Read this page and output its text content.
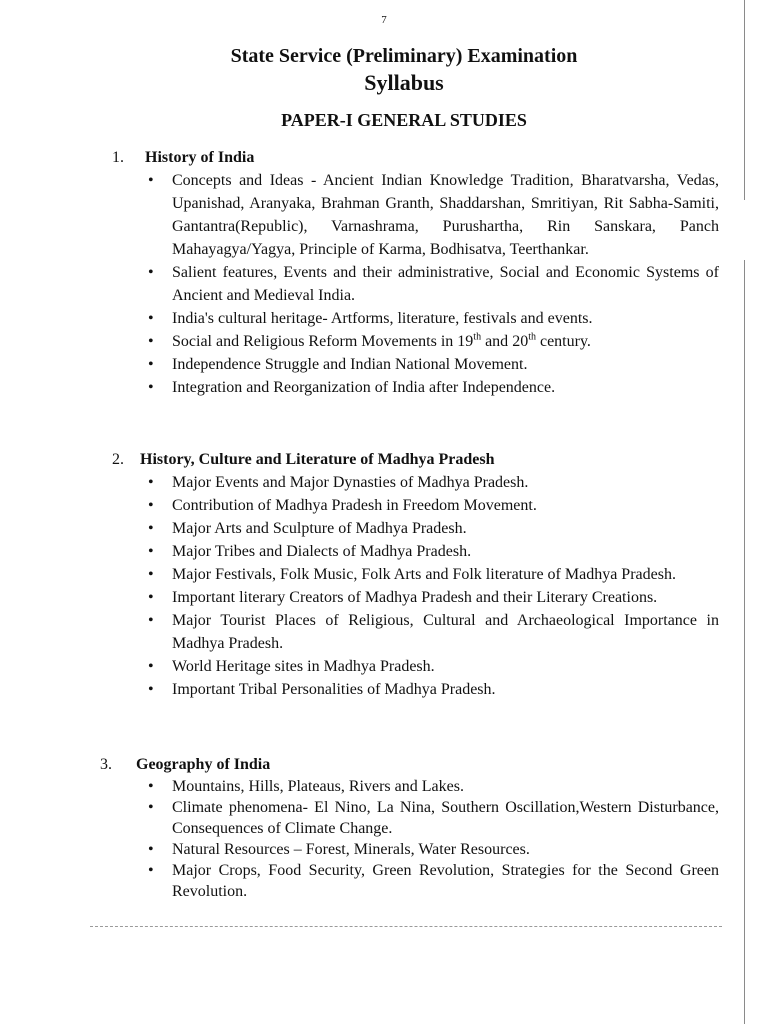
7
State Service (Preliminary) Examination
Syllabus
PAPER-I GENERAL STUDIES
1. History of India
• Concepts and Ideas - Ancient Indian Knowledge Tradition, Bharatvarsha, Vedas, Upanishad, Aranyaka, Brahman Granth, Shaddarshan, Smritiyan, Rit Sabha-Samiti, Gantantra(Republic), Varnashrama, Purushartha, Rin Sanskara, Panch Mahayagya/Yagya, Principle of Karma, Bodhisatva, Teerthankar.
• Salient features, Events and their administrative, Social and Economic Systems of Ancient and Medieval India.
• India's cultural heritage- Artforms, literature, festivals and events.
• Social and Religious Reform Movements in 19th and 20th century.
• Independence Struggle and Indian National Movement.
• Integration and Reorganization of India after Independence.
2. History, Culture and Literature of Madhya Pradesh
• Major Events and Major Dynasties of Madhya Pradesh.
• Contribution of Madhya Pradesh in Freedom Movement.
• Major Arts and Sculpture of Madhya Pradesh.
• Major Tribes and Dialects of Madhya Pradesh.
• Major Festivals, Folk Music, Folk Arts and Folk literature of Madhya Pradesh.
• Important literary Creators of Madhya Pradesh and their Literary Creations.
• Major Tourist Places of Religious, Cultural and Archaeological Importance in Madhya Pradesh.
• World Heritage sites in Madhya Pradesh.
• Important Tribal Personalities of Madhya Pradesh.
3. Geography of India
• Mountains, Hills, Plateaus, Rivers and Lakes.
• Climate phenomena- El Nino, La Nina, Southern Oscillation,Western Disturbance, Consequences of Climate Change.
• Natural Resources – Forest, Minerals, Water Resources.
• Major Crops, Food Security, Green Revolution, Strategies for the Second Green Revolution.
